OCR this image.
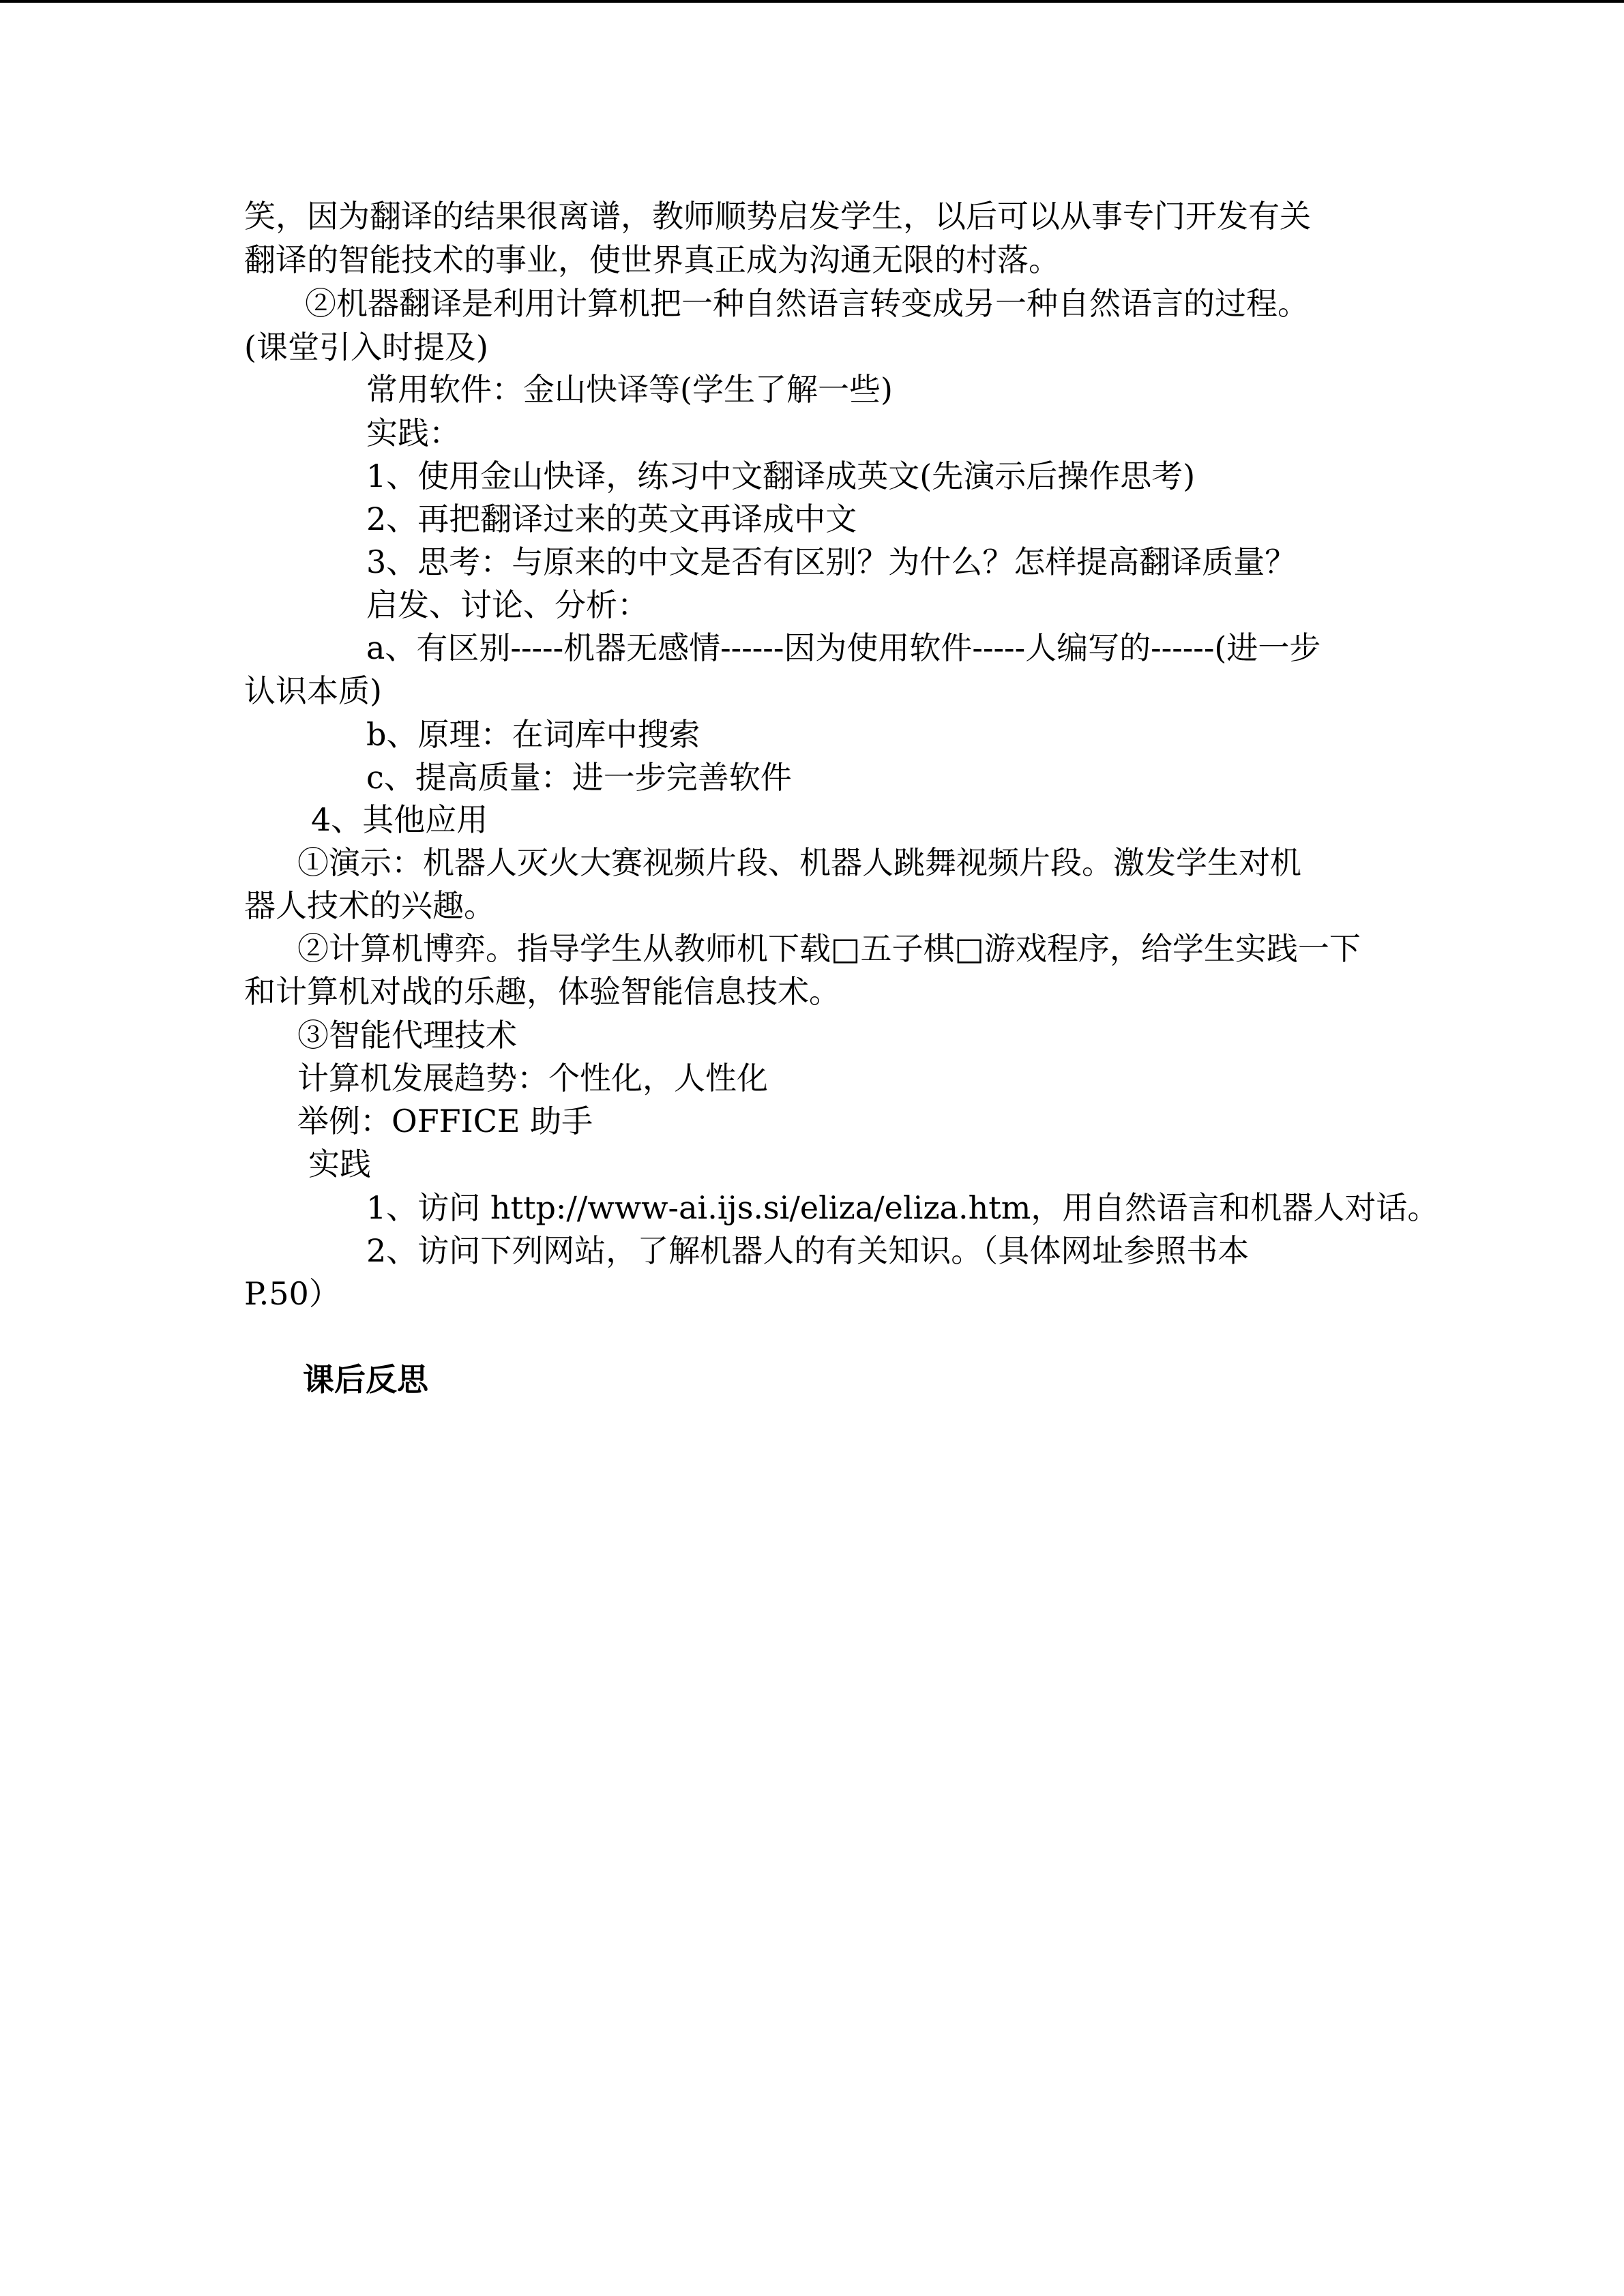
笑，因为翻译的结果很离谱，教师顺势启发学生，以后可以从事专门开发有关
翻译的智能技术的事业，使世界真正成为沟通无限的村落。
②机器翻译是利用计算机把一种自然语言转变成另一种自然语言的过程。
(课堂引入时提及)
常用软件：金山快译等(学生了解一些)
实践：
1、使用金山快译，练习中文翻译成英文(先演示后操作思考)
2、再把翻译过来的英文再译成中文
3、思考：与原来的中文是否有区别？为什么？怎样提高翻译质量？
启发、讨论、分析：
a、有区别-----机器无感情------因为使用软件-----人编写的------(进一步
认识本质)
b、原理：在词库中搜索
c、提高质量：进一步完善软件
4、其他应用
①演示：机器人灭火大赛视频片段、机器人跳舞视频片段。激发学生对机
器人技术的兴趣。
②计算机博弈。指导学生从教师机下载□五子棋□游戏程序，给学生实践一下
和计算机对战的乐趣，体验智能信息技术。
③智能代理技术
计算机发展趋势：个性化，人性化
举例：OFFICE 助手
实践
1、访问 http://www-ai.ijs.si/eliza/eliza.htm，用自然语言和机器人对话。
2、访问下列网站，了解机器人的有关知识。（具体网址参照书本
P.50）
课后反思
